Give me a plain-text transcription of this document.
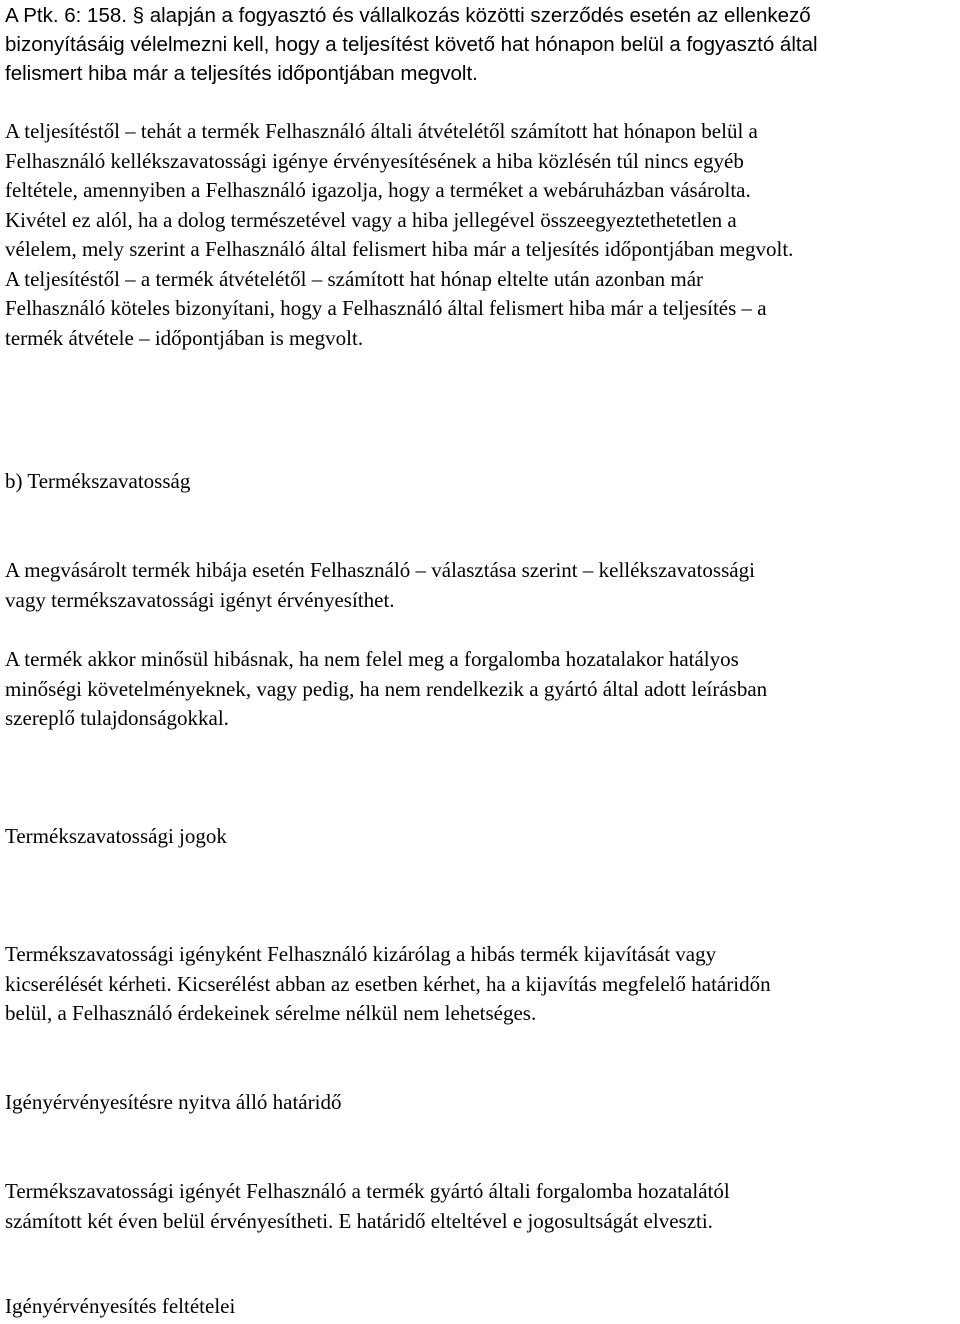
A Ptk. 6: 158. § alapján a fogyasztó és vállalkozás közötti szerződés esetén az ellenkező
bizonyításáig vélelmezni kell, hogy a teljesítést követő hat hónapon belül a fogyasztó által
felismert hiba már a teljesítés időpontjában megvolt.

A teljesítéstől – tehát a termék Felhasználó általi átvételétől számított hat hónapon belül a
Felhasználó kellékszavatossági igénye érvényesítésének a hiba közlésén túl nincs egyéb
feltétele, amennyiben a Felhasználó igazolja, hogy a terméket a webáruházban vásárolta.
Kivétel ez alól, ha a dolog természetével vagy a hiba jellegével összeegyeztethetetlen a
vélelem, mely szerint a Felhasználó által felismert hiba már a teljesítés időpontjában megvolt.
A teljesítéstől – a termék átvételétől – számított hat hónap eltelte után azonban már
Felhasználó köteles bizonyítani, hogy a Felhasználó által felismert hiba már a teljesítés – a
termék átvétele – időpontjában is megvolt.

b) Termékszavatosság

A megvásárolt termék hibája esetén Felhasználó – választása szerint – kellékszavatossági
vagy termékszavatossági igényt érvényesíthet.

A termék akkor minősül hibásnak, ha nem felel meg a forgalomba hozatalakor hatályos
minőségi követelményeknek, vagy pedig, ha nem rendelkezik a gyártó által adott leírásban
szereplő tulajdonságokkal.

Termékszavatossági jogok

Termékszavatossági igényként Felhasználó kizárólag a hibás termék kijavítását vagy
kicserélését kérheti. Kicserélést abban az esetben kérhet, ha a kijavítás megfelelő határidőn
belül, a Felhasználó érdekeinek sérelme nélkül nem lehetséges.

Igényérvényesítésre nyitva álló határidő

Termékszavatossági igényét Felhasználó a termék gyártó általi forgalomba hozatalától
számított két éven belül érvényesítheti. E határidő elteltével e jogosultságát elveszti.

Igényérvényesítés feltételei
